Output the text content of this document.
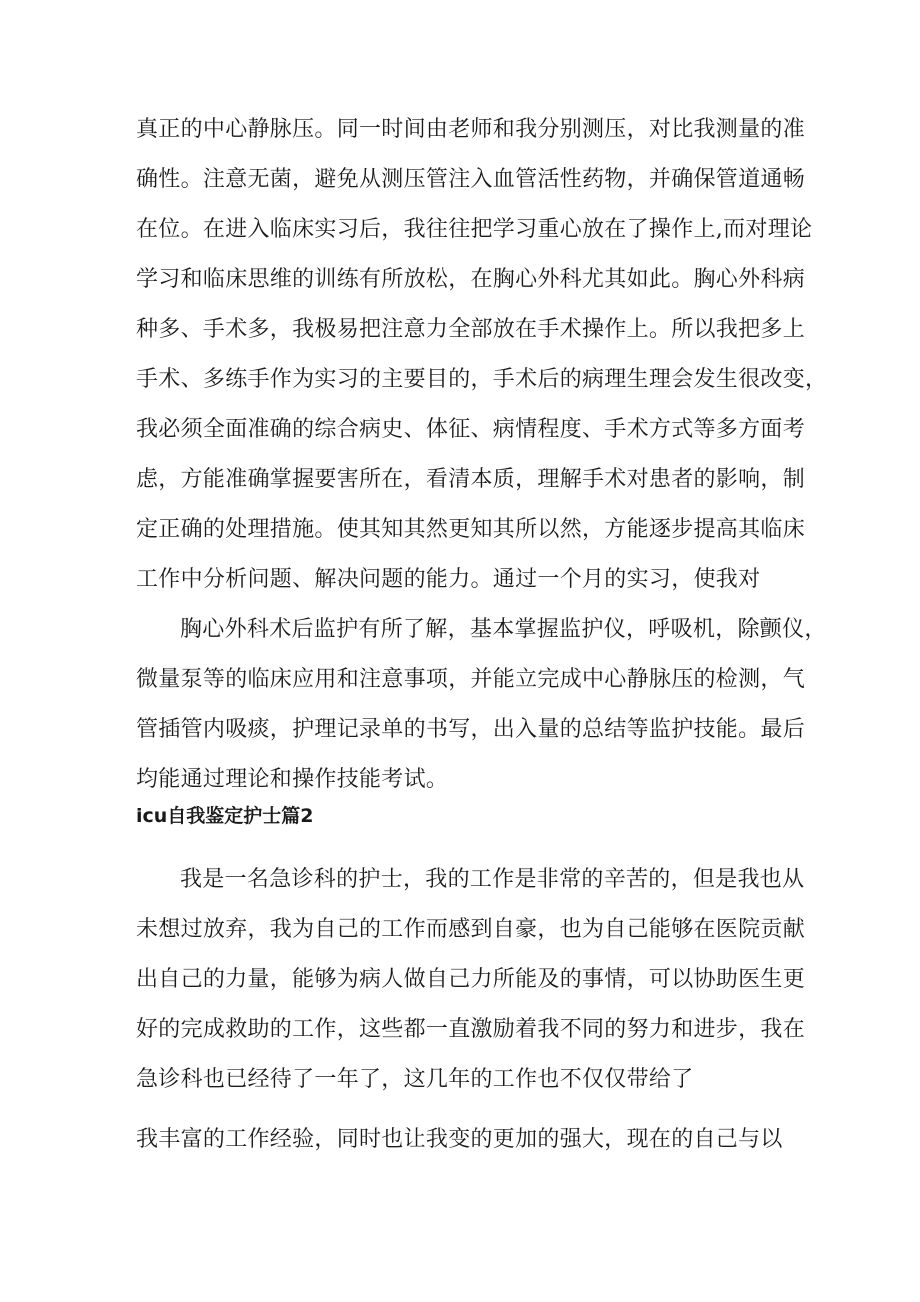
真正的中心静脉压。同一时间由老师和我分别测压，对比我测量的准
确性。注意无菌，避免从测压管注入血管活性药物，并确保管道通畅
在位。在进入临床实习后，我往往把学习重心放在了操作上,而对理论
学习和临床思维的训练有所放松，在胸心外科尤其如此。胸心外科病
种多、手术多，我极易把注意力全部放在手术操作上。所以我把多上
手术、多练手作为实习的主要目的，手术后的病理生理会发生很改变，
我必须全面准确的综合病史、体征、病情程度、手术方式等多方面考
虑，方能准确掌握要害所在，看清本质，理解手术对患者的影响，制
定正确的处理措施。使其知其然更知其所以然，方能逐步提高其临床
工作中分析问题、解决问题的能力。通过一个月的实习，使我对
胸心外科术后监护有所了解，基本掌握监护仪，呼吸机，除颤仪，
微量泵等的临床应用和注意事项，并能立完成中心静脉压的检测，气
管插管内吸痰，护理记录单的书写，出入量的总结等监护技能。最后
均能通过理论和操作技能考试。
icu自我鉴定护士篇2
我是一名急诊科的护士，我的工作是非常的辛苦的，但是我也从
未想过放弃，我为自己的工作而感到自豪，也为自己能够在医院贡献
出自己的力量，能够为病人做自己力所能及的事情，可以协助医生更
好的完成救助的工作，这些都一直激励着我不同的努力和进步，我在
急诊科也已经待了一年了，这几年的工作也不仅仅带给了
我丰富的工作经验，同时也让我变的更加的强大，现在的自己与以
